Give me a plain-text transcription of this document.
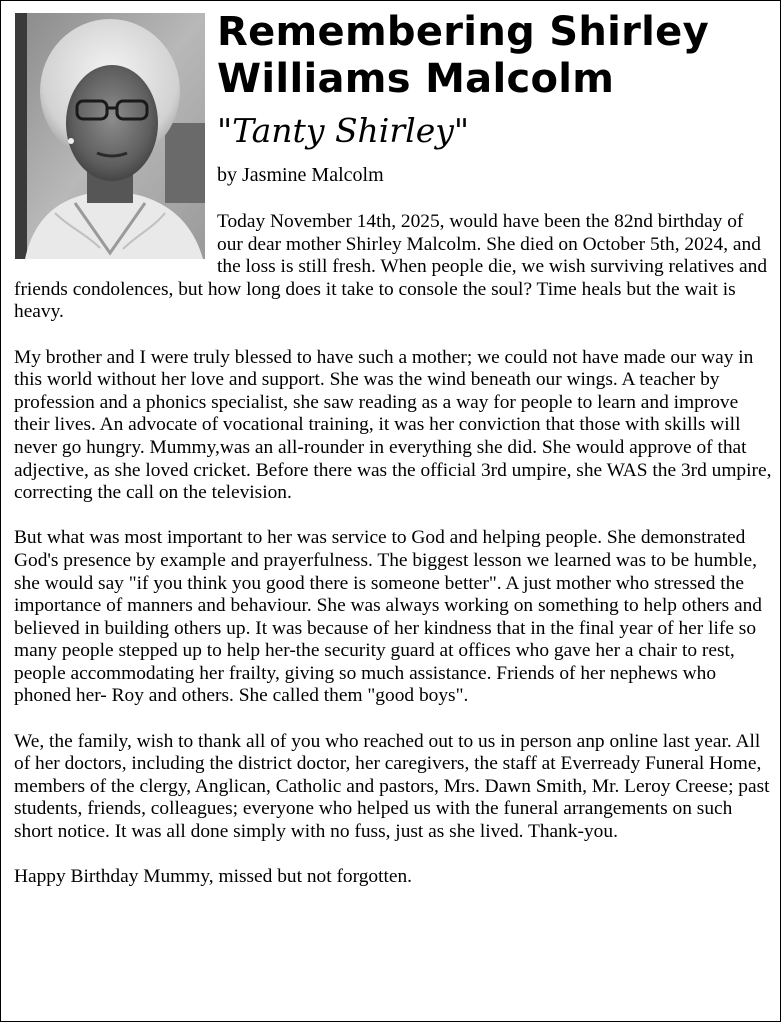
Remembering Shirley
Williams Malcolm
"Tanty Shirley"
by Jasmine Malcolm

Today November 14th, 2025, would have been the 82nd birthday of our dear mother Shirley Malcolm. She died on October 5th, 2024, and the loss is still fresh. When people die, we wish surviving relatives and friends condolences, but how long does it take to console the soul? Time heals but the wait is heavy.

My brother and I were truly blessed to have such a mother; we could not have made our way in this world without her love and support. She was the wind beneath our wings. A teacher by profession and a phonics specialist, she saw reading as a way for people to learn and improve their lives. An advocate of vocational training, it was her conviction that those with skills will never go hungry. Mummy,was an all-rounder in everything she did. She would approve of that adjective, as she loved cricket. Before there was the official 3rd umpire, she WAS the 3rd umpire, correcting the call on the television.

But what was most important to her was service to God and helping people. She demonstrated God's presence by example and prayerfulness. The biggest lesson we learned was to be humble, she would say "if you think you good there is someone better". A just mother who stressed the importance of manners and behaviour. She was always working on something to help others and believed in building others up. It was because of her kindness that in the final year of her life so many people stepped up to help her-the security guard at offices who gave her a chair to rest, people accommodating her frailty, giving so much assistance. Friends of her nephews who phoned her- Roy and others. She called them "good boys".

We, the family, wish to thank all of you who reached out to us in person anp online last year. All of her doctors, including the district doctor, her caregivers, the staff at Everready Funeral Home, members of the clergy, Anglican, Catholic and pastors, Mrs. Dawn Smith, Mr. Leroy Creese; past students, friends, colleagues; everyone who helped us with the funeral arrangements on such short notice. It was all done simply with no fuss, just as she lived. Thank-you.

Happy Birthday Mummy, missed but not forgotten.
